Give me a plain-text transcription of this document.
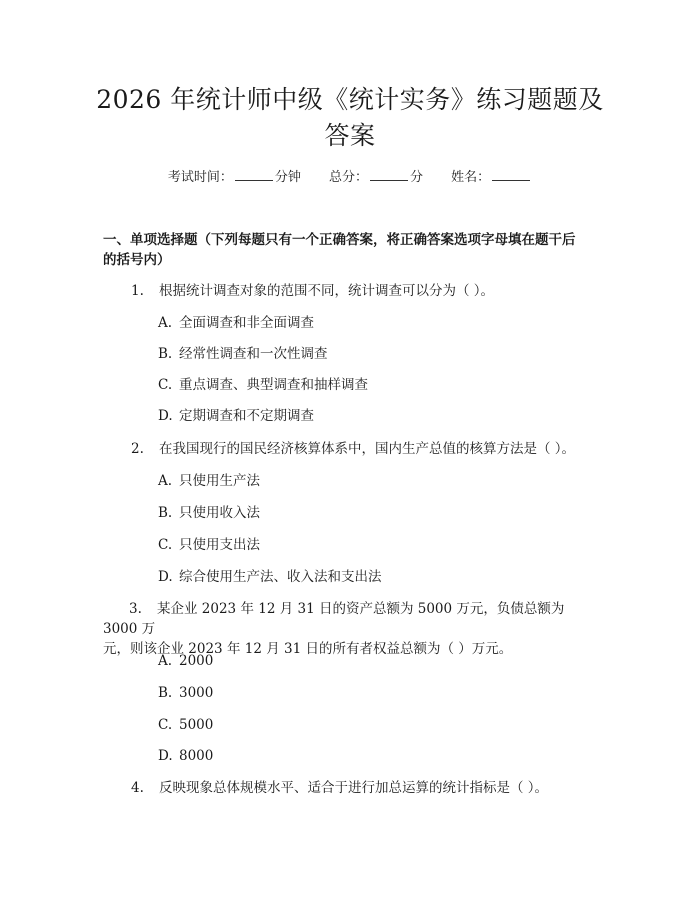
2026 年统计师中级《统计实务》练习题题及
答案
考试时间：	分钟 总分：	分 姓名：
一、单项选择题（下列每题只有一个正确答案，将正确答案选项字母填在题干后
的括号内）
1. 根据统计调查对象的范围不同，统计调查可以分为（ ）。
A. 全面调查和非全面调查
B. 经常性调查和一次性调查
C. 重点调查、典型调查和抽样调查
D. 定期调查和不定期调查
2. 在我国现行的国民经济核算体系中，国内生产总值的核算方法是（ ）。
A. 只使用生产法
B. 只使用收入法
C. 只使用支出法
D. 综合使用生产法、收入法和支出法
3. 某企业 2023 年 12 月 31 日的资产总额为 5000 万元，负债总额为 3000 万
元，则该企业 2023 年 12 月 31 日的所有者权益总额为（ ）万元。
A. 2000
B. 3000
C. 5000
D. 8000
4. 反映现象总体规模水平、适合于进行加总运算的统计指标是（ ）。
